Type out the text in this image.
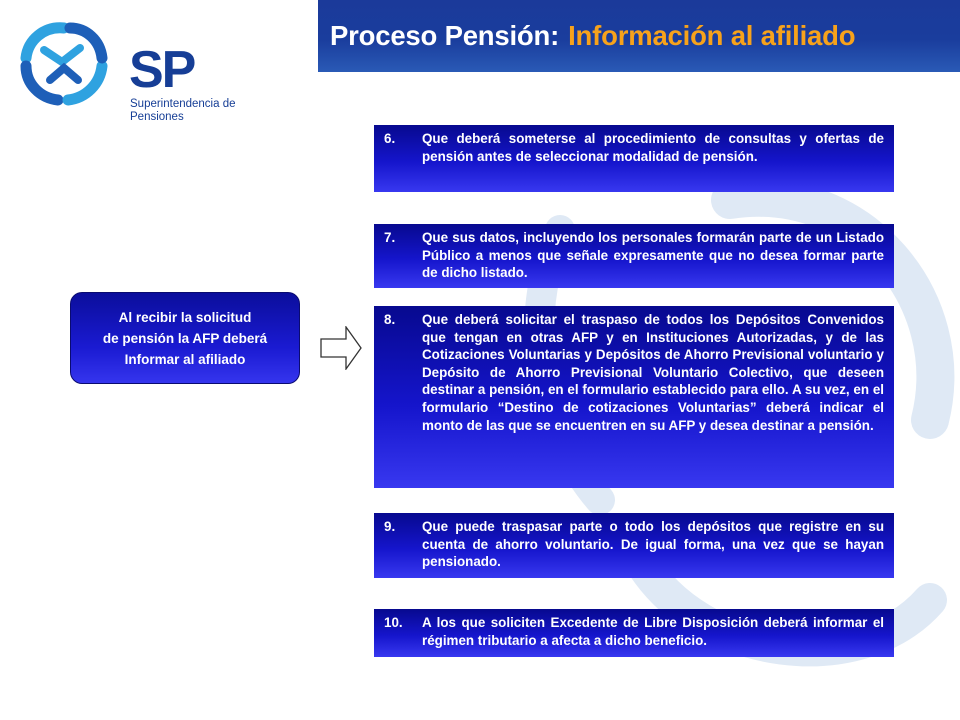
SP
Superintendencia de Pensiones
Proceso Pensión: Información al afiliado
Al recibir la solicitud
de pensión la AFP deberá
Informar al afiliado
6.	Que deberá someterse al procedimiento de consultas y ofertas de pensión antes de seleccionar modalidad de pensión.
7.	Que sus datos, incluyendo los personales formarán parte de un Listado Público a menos que señale expresamente que no desea formar parte de dicho listado.
8.	Que deberá solicitar el traspaso de todos los Depósitos Convenidos que tengan en otras AFP y en Instituciones Autorizadas, y de las Cotizaciones Voluntarias y Depósitos de Ahorro Previsional voluntario y Depósito de Ahorro Previsional Voluntario Colectivo, que deseen destinar a pensión, en el formulario establecido para ello. A su vez, en el formulario “Destino de cotizaciones Voluntarias” deberá indicar el monto de las que se encuentren en su AFP y desea destinar a pensión.
9.	Que puede traspasar parte o todo los depósitos que registre en su cuenta de ahorro voluntario. De igual forma, una vez que se hayan pensionado.
10.	A los que soliciten Excedente de Libre Disposición deberá informar el régimen tributario a afecta a dicho beneficio.
